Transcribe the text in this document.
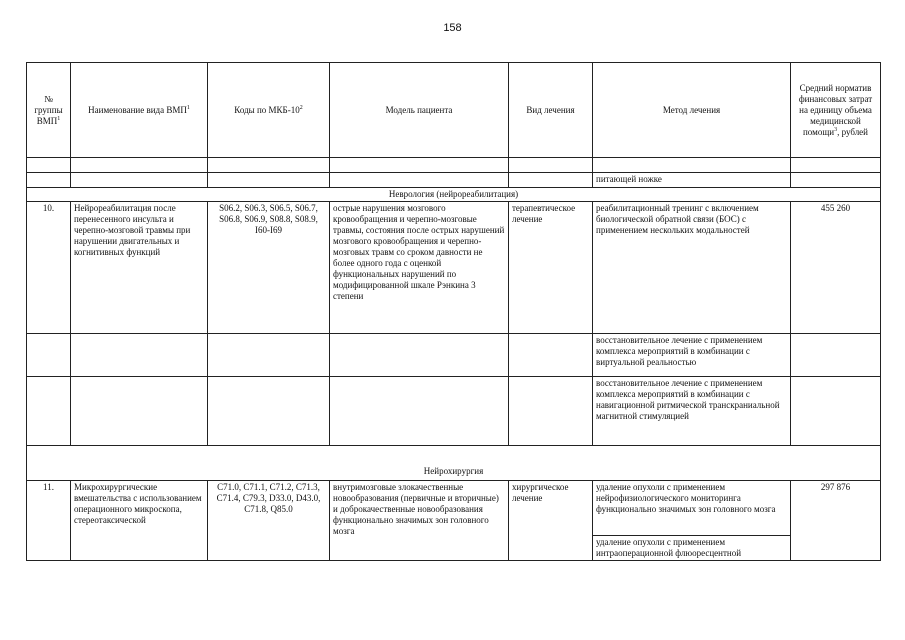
158
№ группы ВМП$^1$	Наименование вида ВМП$^1$	Коды по МКБ-$10^2$	Модель пациента	Вид лечения	Метод лечения	Средний норматив финансовых затрат на единицу объема медицинской помощи$^3$, рублей

					питающей ножке	
Неврология (нейрореабилитация)						
10.	Нейрореабилитация после перенесенного инсульта и черепно-мозговой травмы при нарушении двигательных и когнитивных функций	S06.2, S06.3, S06.5, S06.7, S06.8, S06.9, S08.8, S08.9, I60-I69	острые нарушения мозгового кровообращения и черепно-мозговые травмы, состояния после острых нарушений мозгового кровообращения и черепно-мозговых травм со сроком давности не более одного года с оценкой функциональных нарушений по модифицированной шкале Рэнкина 3 степени	терапевтическое лечение	реабилитационный тренинг с включением биологической обратной связи (БОС) с применением нескольких модальностей	455 260
					восстановительное лечение с применением комплекса мероприятий в комбинации с виртуальной реальностью	
					восстановительное лечение с применением комплекса мероприятий в комбинации с навигационной ритмической транскраниальной магнитной стимуляцией	
Нейрохирургия						
11.	Микрохирургические вмешательства с использованием операционного микроскопа, стереотаксической	C71.0, C71.1, C71.2, C71.3, C71.4, C79.3, D33.0, D43.0, C71.8, Q85.0	внутримозговые злокачественные новообразования (первичные и вторичные) и доброкачественные новообразования функционально значимых зон головного мозга	хирургическое лечение	удаление опухоли с применением нейрофизиологического мониторинга функционально значимых зон головного мозга	297 876
					удаление опухоли с применением интраоперационной флюоресцентной	
